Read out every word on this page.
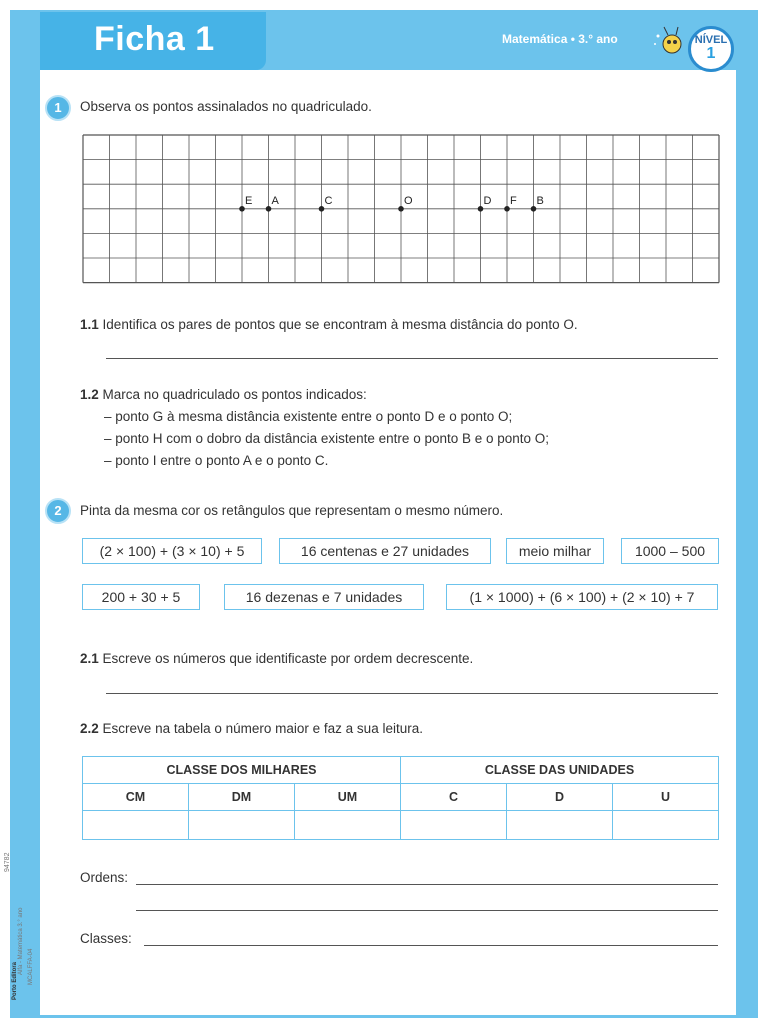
Ficha 1	Matemática • 3.° ano	NÍVEL
1
1	Observa os pontos assinalados no quadriculado.
E A	C	O	D F B
1.1 Identifica os pares de pontos que se encontram à mesma distância do ponto O.
1.2 Marca no quadriculado os pontos indicados:
– ponto G à mesma distância existente entre o ponto D e o ponto O;
– ponto H com o dobro da distância existente entre o ponto B e o ponto O;
– ponto I entre o ponto A e o ponto C.
2	Pinta da mesma cor os retângulos que representam o mesmo número.
(2 × 100) + (3 × 10) + 5	16 centenas e 27 unidades	meio milhar	1000 – 500
200 + 30 + 5	16 dezenas e 7 unidades	(1 × 1000) + (6 × 100) + (2 × 10) + 7
2.1 Escreve os números que identificaste por ordem decrescente.
2.2 Escreve na tabela o número maior e faz a sua leitura.
CLASSE DOS MILHARES			CLASSE DAS UNIDADES		
CM	DM	UM	C	D	U

Ordens:
Classes:
94782
Alfa - Matemática 3.° ano
Porto Editora MCALFFA-04
